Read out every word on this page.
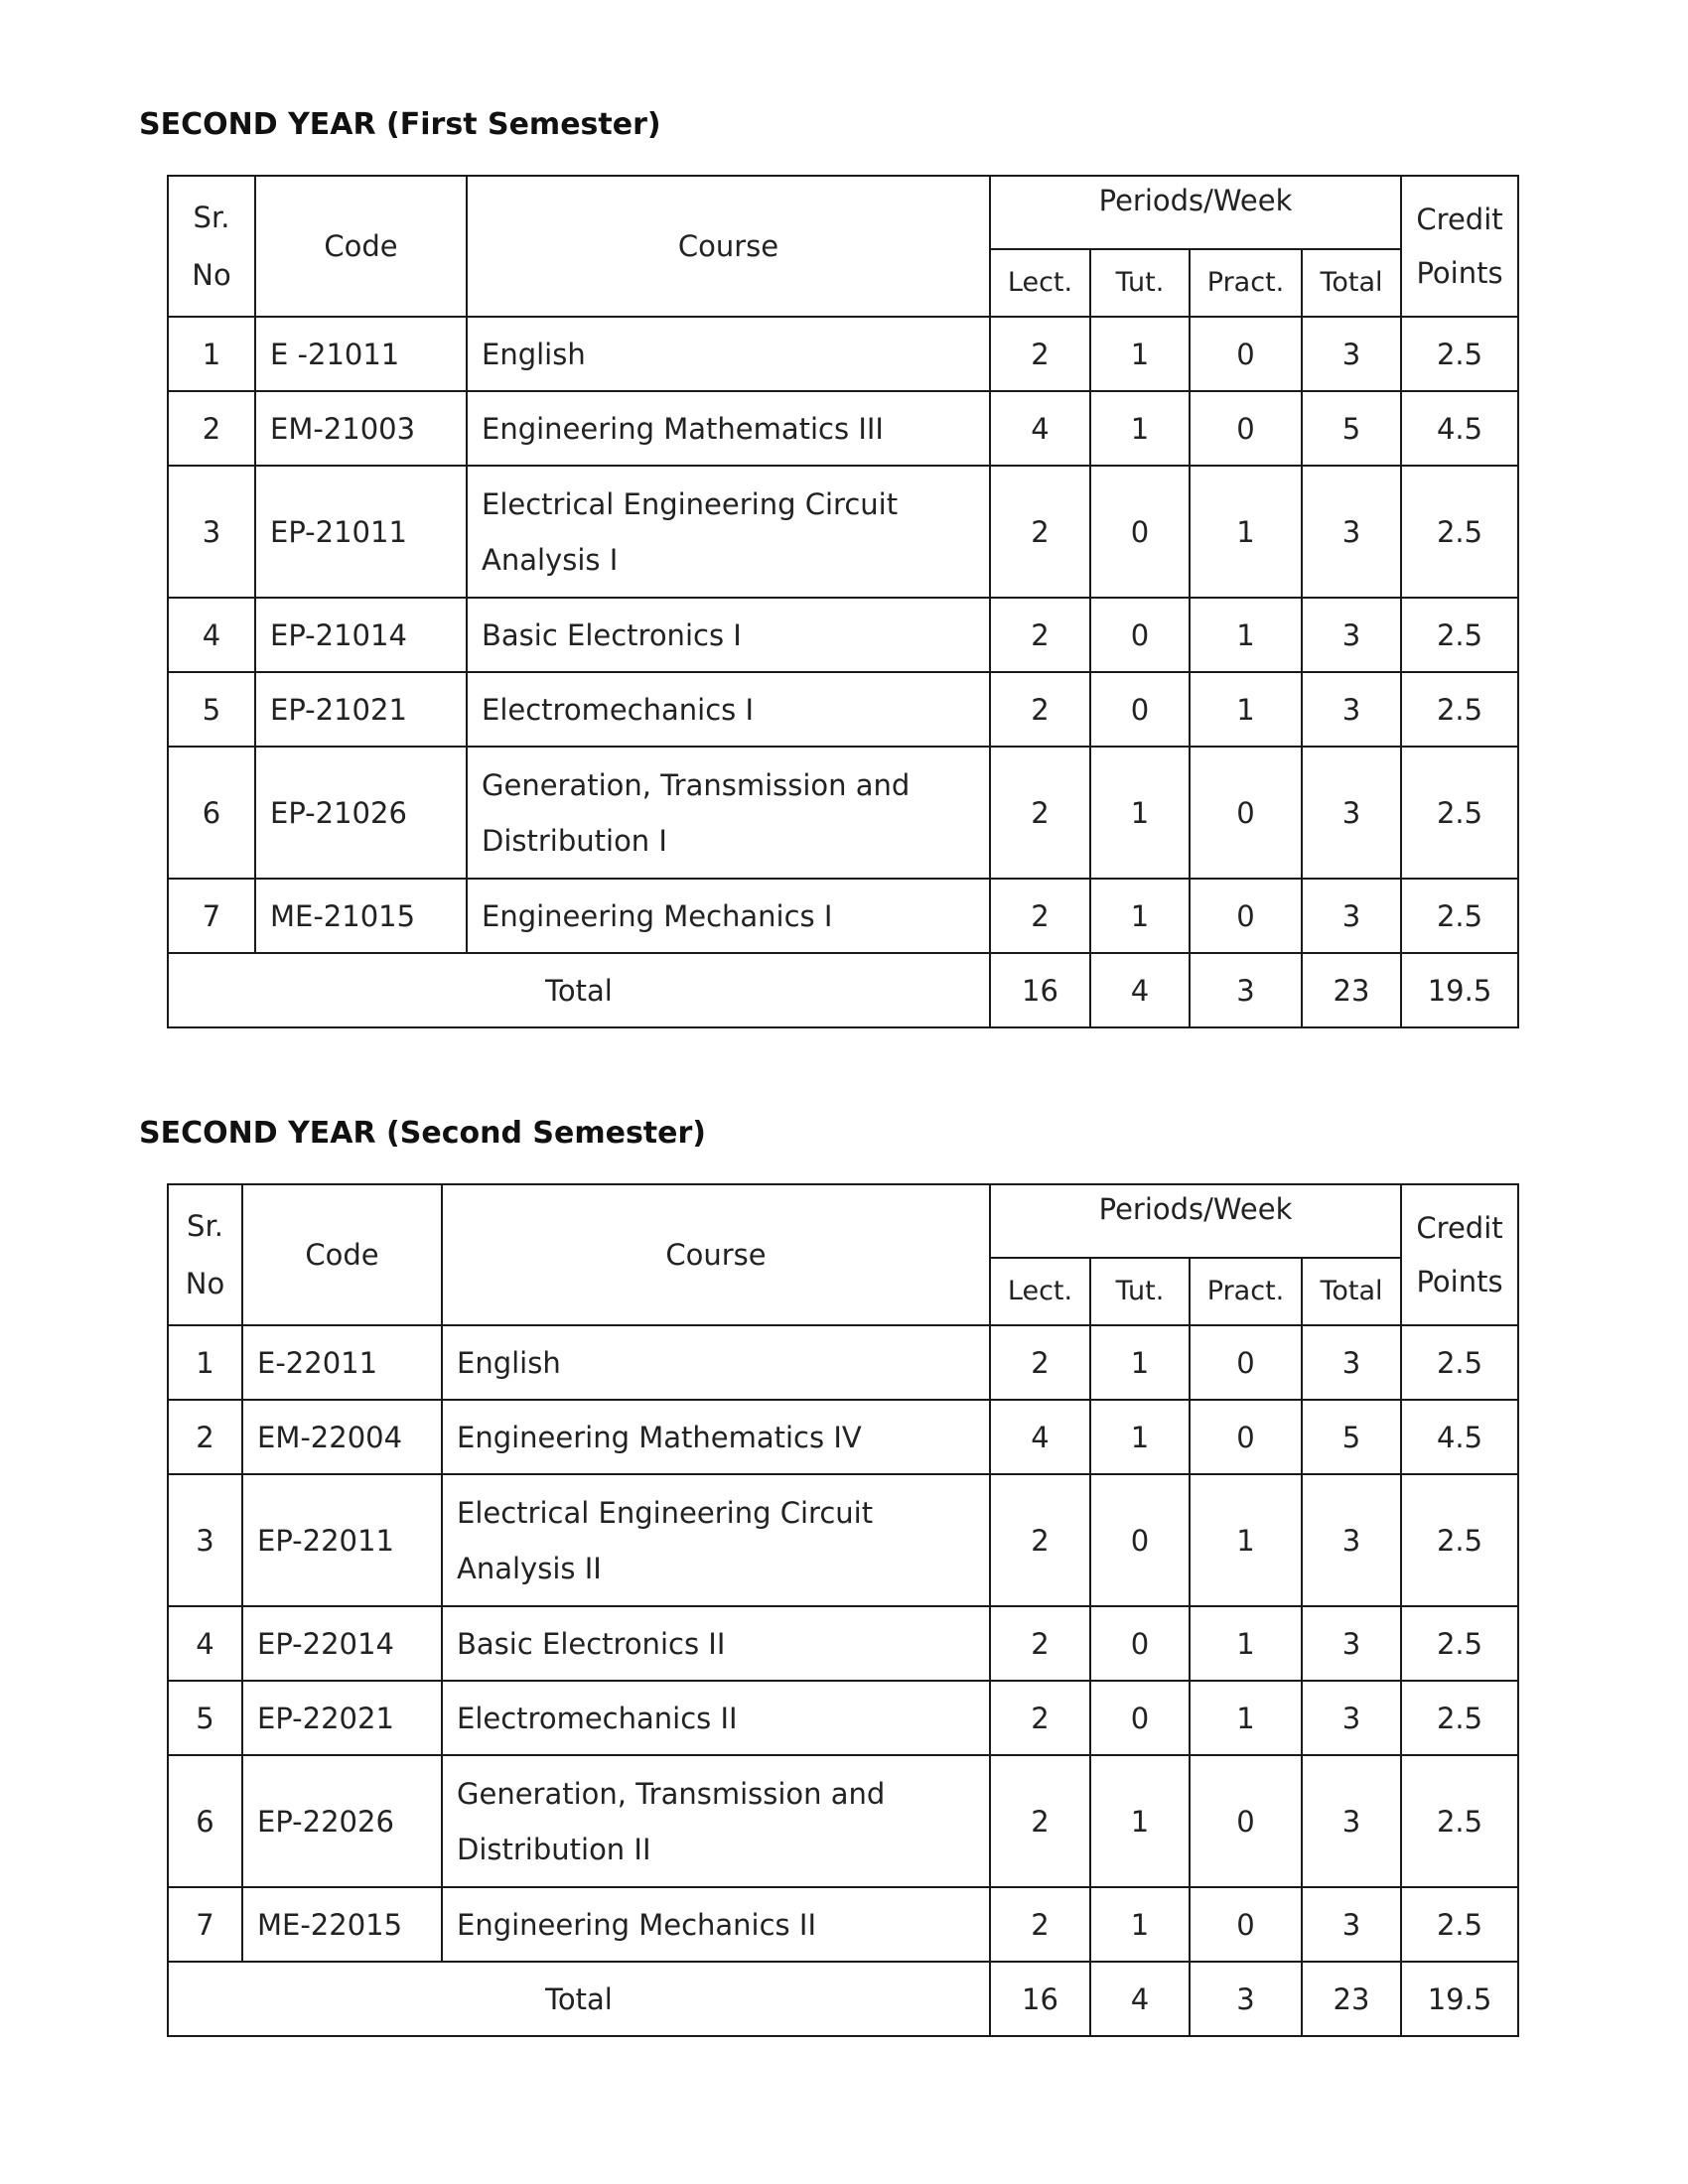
SECOND YEAR (First Semester)
Sr.
No	Code	Course	Periods/Week				Credit
Points
			Lect.	Tut.	Pract.	Total	
1	E -21011	English	2	1	0	3	2.5
2	EM-21003	Engineering Mathematics III	4	1	0	5	4.5
3	EP-21011	Electrical Engineering Circuit
Analysis I	2	0	1	3	2.5
4	EP-21014	Basic Electronics I	2	0	1	3	2.5
5	EP-21021	Electromechanics I	2	0	1	3	2.5
6	EP-21026	Generation, Transmission and
Distribution I	2	1	0	3	2.5
7	ME-21015	Engineering Mechanics I	2	1	0	3	2.5
Total			16	4	3	23	19.5
SECOND YEAR (Second Semester)
Sr.
No	Code	Course	Periods/Week				Credit
Points
			Lect.	Tut.	Pract.	Total	
1	E-22011	English	2	1	0	3	2.5
2	EM-22004	Engineering Mathematics IV	4	1	0	5	4.5
3	EP-22011	Electrical Engineering Circuit
Analysis II	2	0	1	3	2.5
4	EP-22014	Basic Electronics II	2	0	1	3	2.5
5	EP-22021	Electromechanics II	2	0	1	3	2.5
6	EP-22026	Generation, Transmission and
Distribution II	2	1	0	3	2.5
7	ME-22015	Engineering Mechanics II	2	1	0	3	2.5
Total			16	4	3	23	19.5
